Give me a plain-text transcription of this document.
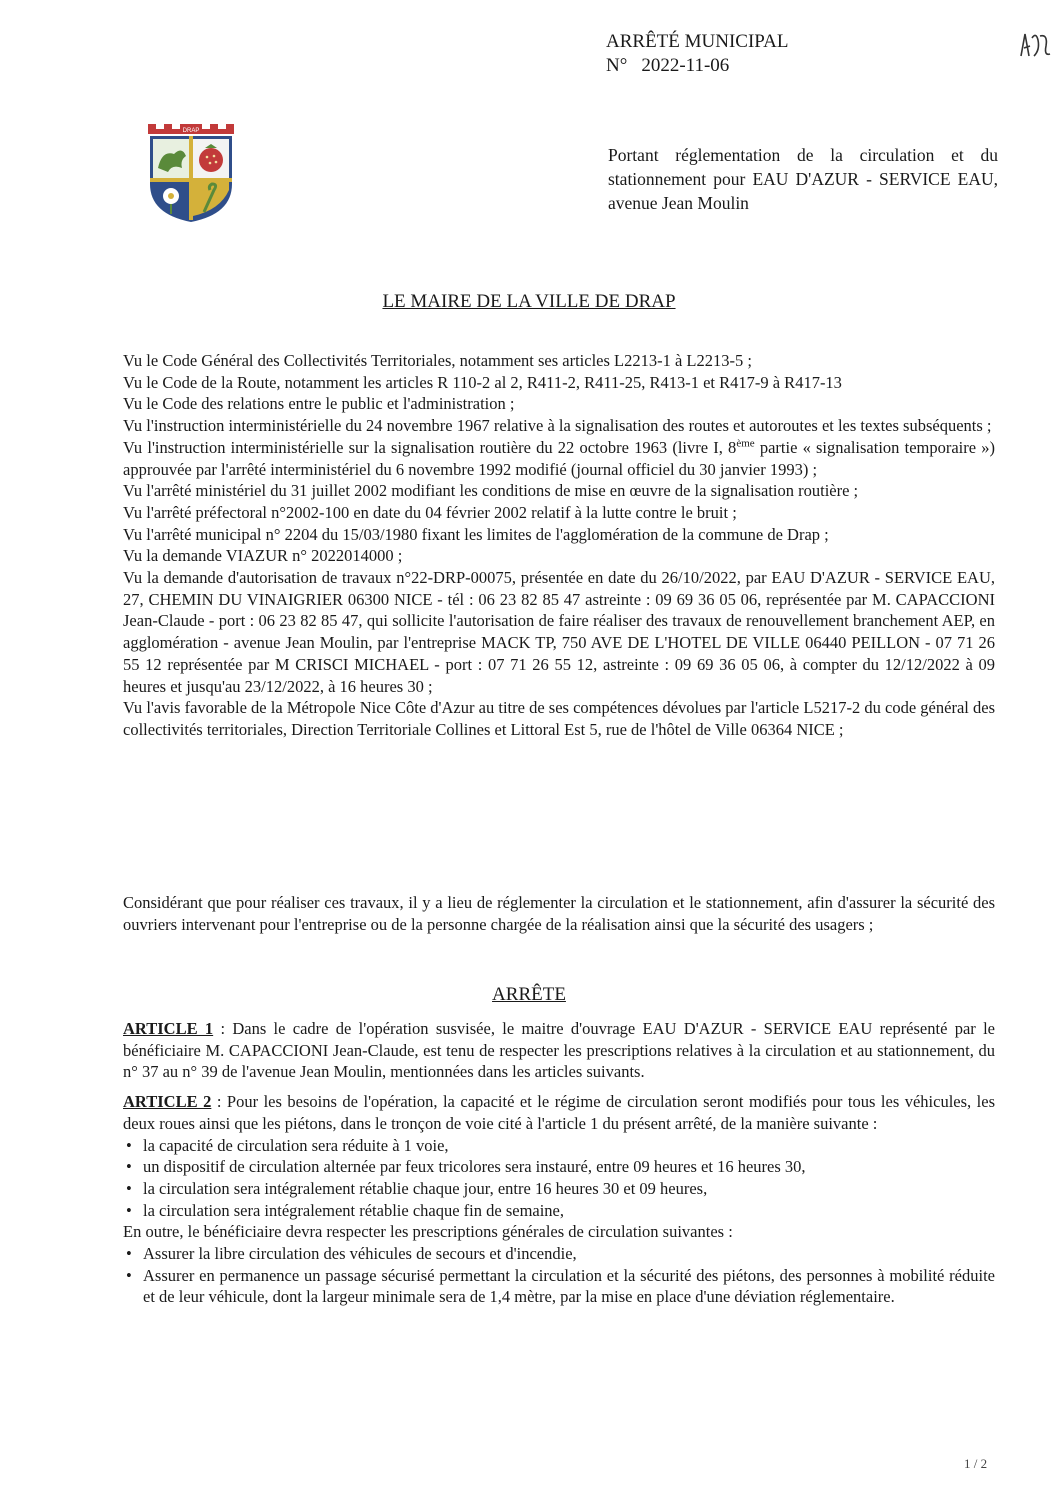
ARRÊTÉ MUNICIPAL
N° 2022-11-06
DRAP
Portant réglementation de la circulation et du stationnement pour EAU D'AZUR - SERVICE EAU, avenue Jean Moulin
LE MAIRE DE LA VILLE DE DRAP

Vu le Code Général des Collectivités Territoriales, notamment ses articles L2213-1 à L2213-5 ;

Vu le Code de la Route, notamment les articles R 110-2 al 2, R411-2, R411-25, R413-1 et R417-9 à R417-13

Vu le Code des relations entre le public et l'administration ;

Vu l'instruction interministérielle du 24 novembre 1967 relative à la signalisation des routes et autoroutes et les textes subséquents ;

Vu l'instruction interministérielle sur la signalisation routière du 22 octobre 1963 (livre I, 8ème partie « signalisation temporaire ») approuvée par l'arrêté interministériel du 6 novembre 1992 modifié (journal officiel du 30 janvier 1993) ;

Vu l'arrêté ministériel du 31 juillet 2002 modifiant les conditions de mise en œuvre de la signalisation routière ;

Vu l'arrêté préfectoral n°2002-100 en date du 04 février 2002 relatif à la lutte contre le bruit ;

Vu l'arrêté municipal n° 2204 du 15/03/1980 fixant les limites de l'agglomération de la commune de Drap ;

Vu la demande VIAZUR n° 2022014000 ;

Vu la demande d'autorisation de travaux n°22-DRP-00075, présentée en date du 26/10/2022, par EAU D'AZUR - SERVICE EAU, 27, CHEMIN DU VINAIGRIER 06300 NICE - tél : 06 23 82 85 47 astreinte : 09 69 36 05 06, représentée par M. CAPACCIONI Jean-Claude - port : 06 23 82 85 47, qui sollicite l'autorisation de faire réaliser des travaux de renouvellement branchement AEP, en agglomération - avenue Jean Moulin, par l'entreprise MACK TP, 750 AVE DE L'HOTEL DE VILLE 06440 PEILLON - 07 71 26 55 12 représentée par M CRISCI MICHAEL - port : 07 71 26 55 12, astreinte : 09 69 36 05 06, à compter du 12/12/2022 à 09 heures et jusqu'au 23/12/2022, à 16 heures 30 ;

Vu l'avis favorable de la Métropole Nice Côte d'Azur au titre de ses compétences dévolues par l'article L5217-2 du code général des collectivités territoriales, Direction Territoriale Collines et Littoral Est 5, rue de l'hôtel de Ville 06364 NICE ;

Considérant que pour réaliser ces travaux, il y a lieu de réglementer la circulation et le stationnement, afin d'assurer la sécurité des ouvriers intervenant pour l'entreprise ou de la personne chargée de la réalisation ainsi que la sécurité des usagers ;

ARRÊTE

ARTICLE 1 : Dans le cadre de l'opération susvisée, le maitre d'ouvrage EAU D'AZUR - SERVICE EAU représenté par le bénéficiaire M. CAPACCIONI Jean-Claude, est tenu de respecter les prescriptions relatives à la circulation et au stationnement, du n° 37 au n° 39 de l'avenue Jean Moulin, mentionnées dans les articles suivants.

ARTICLE 2 : Pour les besoins de l'opération, la capacité et le régime de circulation seront modifiés pour tous les véhicules, les deux roues ainsi que les piétons, dans le tronçon de voie cité à l'article 1 du présent arrêté, de la manière suivante :

• la capacité de circulation sera réduite à 1 voie,
• un dispositif de circulation alternée par feux tricolores sera instauré, entre 09 heures et 16 heures 30,
• la circulation sera intégralement rétablie chaque jour, entre 16 heures 30 et 09 heures,
• la circulation sera intégralement rétablie chaque fin de semaine,

En outre, le bénéficiaire devra respecter les prescriptions générales de circulation suivantes :

• Assurer la libre circulation des véhicules de secours et d'incendie,
• Assurer en permanence un passage sécurisé permettant la circulation et la sécurité des piétons, des personnes à mobilité réduite et de leur véhicule, dont la largeur minimale sera de 1,4 mètre, par la mise en place d'une déviation réglementaire.
1 / 2
